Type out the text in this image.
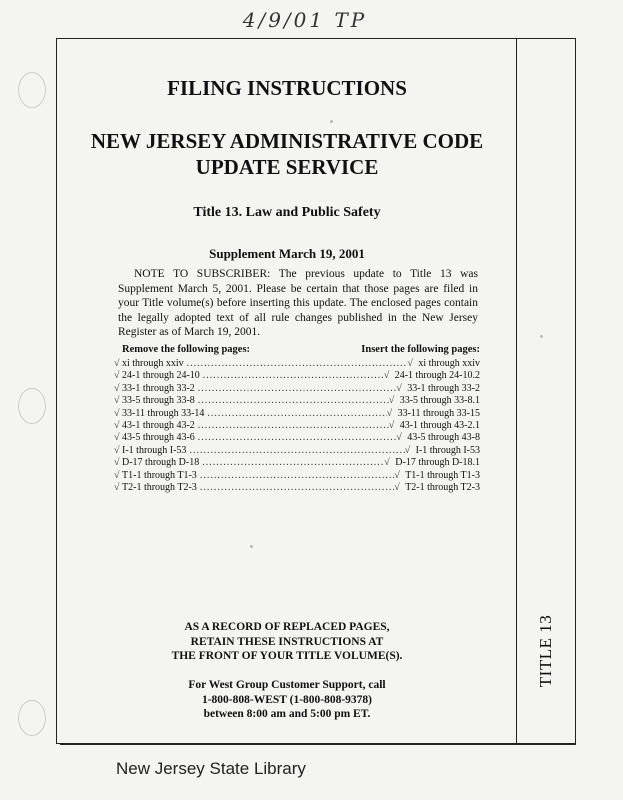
4/9/01 TP
TITLE 13
FILING INSTRUCTIONS
NEW JERSEY ADMINISTRATIVE CODE
UPDATE SERVICE
Title 13. Law and Public Safety
Supplement March 19, 2001

NOTE TO SUBSCRIBER: The previous update to Title 13 was Supplement March 5, 2001. Please be certain that those pages are filed in your Title volume(s) before inserting this update. The enclosed pages contain the legally adopted text of all rule changes published in the New Jersey Register as of March 19, 2001.

Remove the following pages:	Insert the following pages:
√ xi through xxiv .....	√ xi through xxiv
√ 24-1 through 24-10 .....	√ 24-1 through 24-10.2
√ 33-1 through 33-2 .....	√ 33-1 through 33-2
√ 33-5 through 33-8 .....	√ 33-5 through 33-8.1
√ 33-11 through 33-14 .....	√ 33-11 through 33-15
√ 43-1 through 43-2 .....	√ 43-1 through 43-2.1
√ 43-5 through 43-6 .....	√ 43-5 through 43-8
√ I-1 through I-53 .....	√ I-1 through I-53
√ D-17 through D-18 .....	√ D-17 through D-18.1
√ T1-1 through T1-3 .....	√ T1-1 through T1-3
√ T2-1 through T2-3 .....	√ T2-1 through T2-3
AS A RECORD OF REPLACED PAGES,
RETAIN THESE INSTRUCTIONS AT
THE FRONT OF YOUR TITLE VOLUME(S).
For West Group Customer Support, call
1-800-808-WEST (1-800-808-9378)
between 8:00 am and 5:00 pm ET.
New Jersey State Library
